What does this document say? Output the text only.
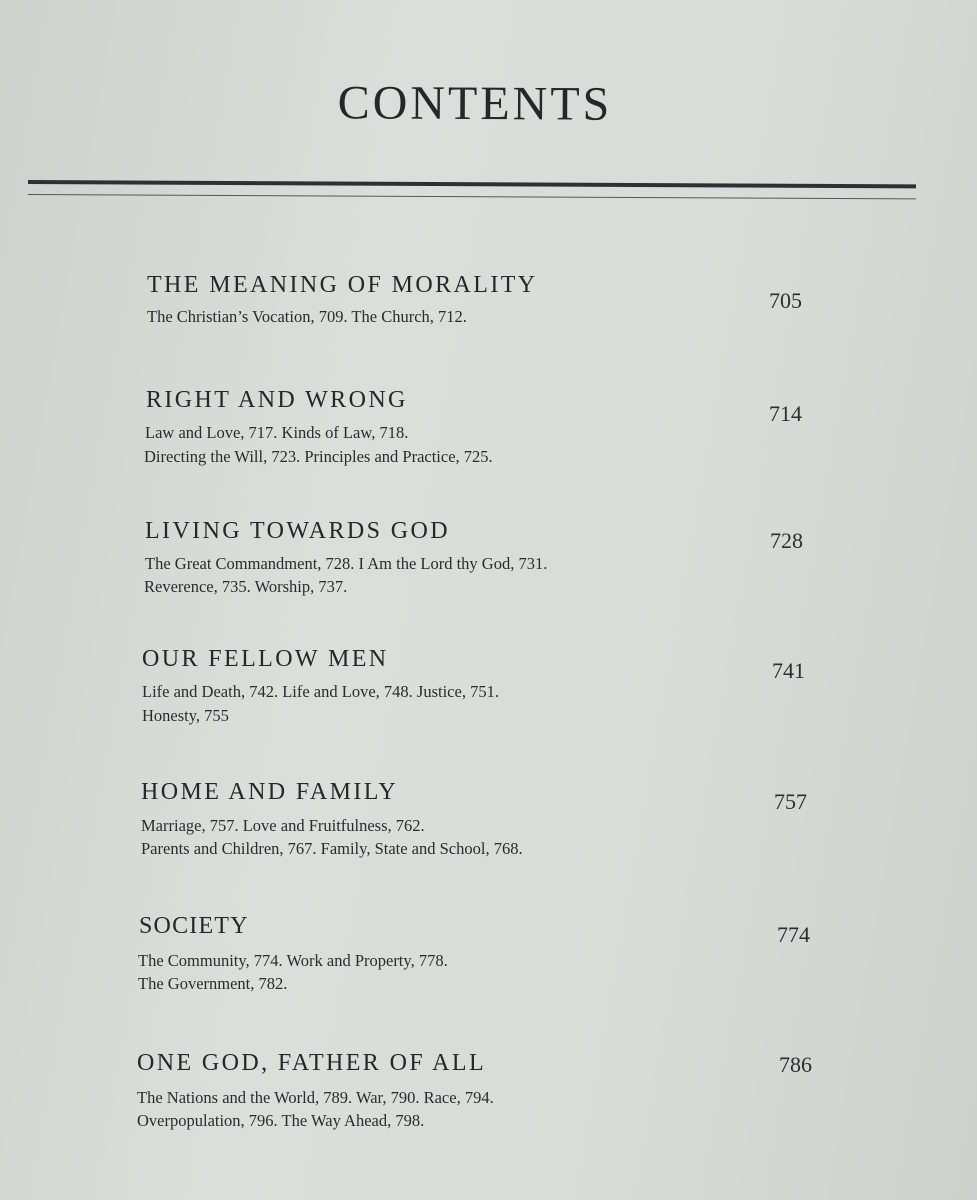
CONTENTS
THE MEANING OF MORALITY
705
The Christian’s Vocation, 709. The Church, 712.
RIGHT AND WRONG
714
Law and Love, 717. Kinds of Law, 718.
Directing the Will, 723. Principles and Practice, 725.
LIVING TOWARDS GOD	728
The Great Commandment, 728. I Am the Lord thy God, 731.
Reverence, 735. Worship, 737.
OUR FELLOW MEN	741
Life and Death, 742. Life and Love, 748. Justice, 751.
Honesty, 755
HOME AND FAMILY	757
Marriage, 757. Love and Fruitfulness, 762.
Parents and Children, 767. Family, State and School, 768.
SOCIETY	774
The Community, 774. Work and Property, 778.
The Government, 782.
ONE GOD, FATHER OF ALL	786
The Nations and the World, 789. War, 790. Race, 794.
Overpopulation, 796. The Way Ahead, 798.
